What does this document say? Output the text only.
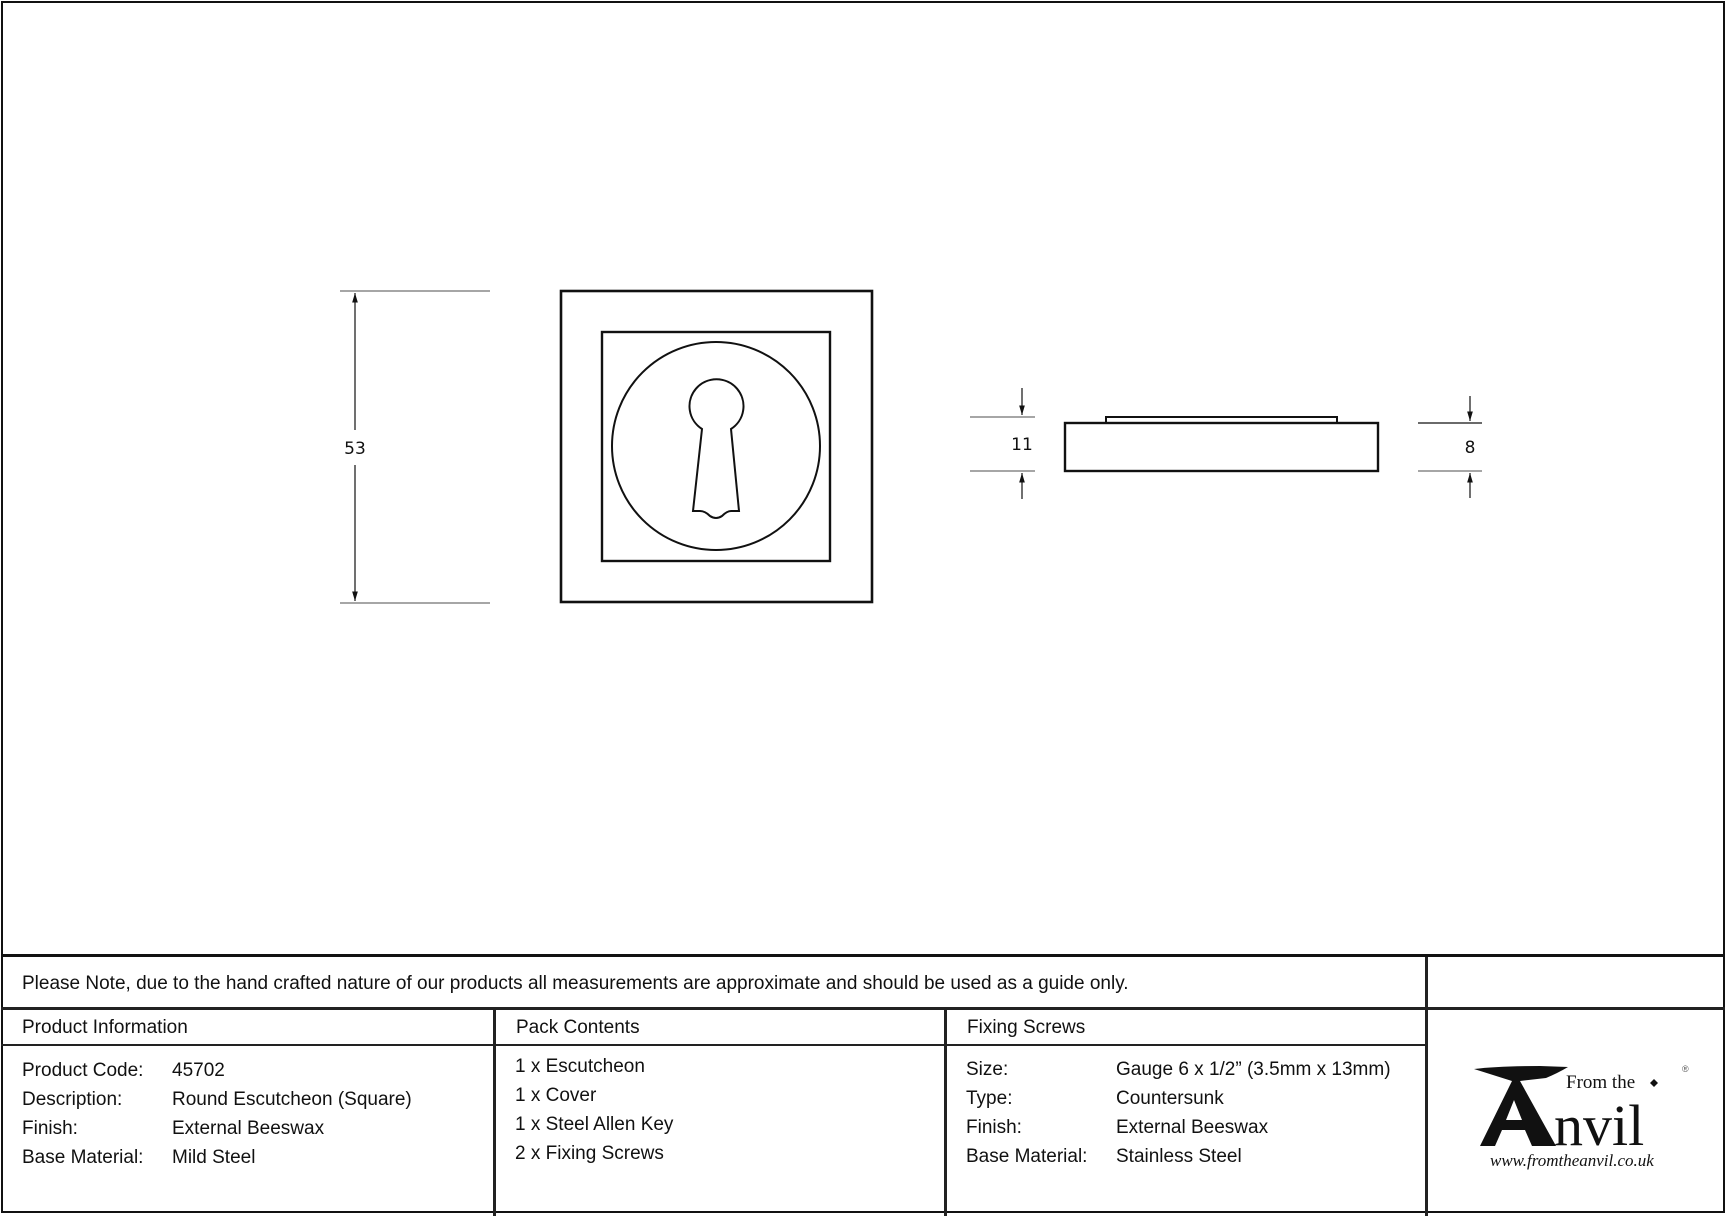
53	11	8
Please Note, due to the hand crafted nature of our products all measurements are approximate and should be used as a guide only.
Product Information
Product Code: 45702
Description:	Round Escutcheon (Square)
Finish:	External Beeswax
Base Material: Mild Steel
Pack Contents
1 x Escutcheon
1 x Cover
1 x Steel Allen Key
2 x Fixing Screws
Fixing Screws
Size:	Gauge 6 x 1/2” (3.5mm x 13mm)
Type:	Countersunk
Finish:	External Beeswax
Base Material: Stainless Steel
From the
nvil
®
www.fromtheanvil.co.uk
